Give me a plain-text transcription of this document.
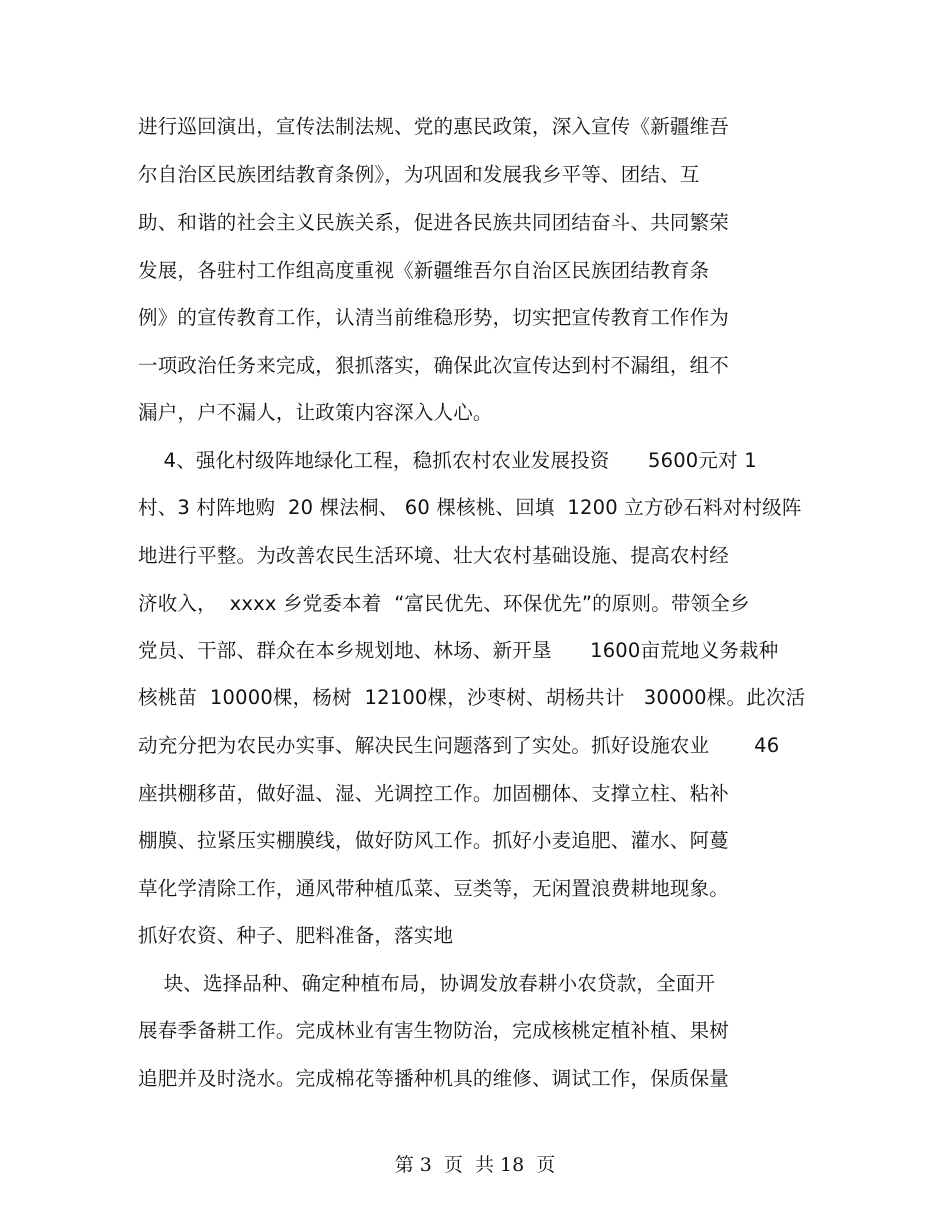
进行巡回演出，宣传法制法规、党的惠民政策，深入宣传《新疆维吾
尔自治区民族团结教育条例》，为巩固和发展我乡平等、团结、互
助、和谐的社会主义民族关系，促进各民族共同团结奋斗、共同繁荣
发展，各驻村工作组高度重视《新疆维吾尔自治区民族团结教育条
例》的宣传教育工作，认清当前维稳形势，切实把宣传教育工作作为
一项政治任务来完成，狠抓落实，确保此次宣传达到村不漏组，组不
漏户，户不漏人，让政策内容深入人心。
4、强化村级阵地绿化工程，稳抓农村农业发展投资      5600元对 1
村、3 村阵地购  20 棵法桐、 60 棵核桃、回填  1200 立方砂石料对村级阵
地进行平整。为改善农民生活环境、壮大农村基础设施、提高农村经
济收入，  xxxx 乡党委本着  “富民优先、环保优先”的原则。带领全乡
党员、干部、群众在本乡规划地、林场、新开垦      1600亩荒地义务栽种
核桃苗  10000棵，杨树  12100棵，沙枣树、胡杨共计   30000棵。此次活
动充分把为农民办实事、解决民生问题落到了实处。抓好设施农业       46
座拱棚移苗，做好温、湿、光调控工作。加固棚体、支撑立柱、粘补
棚膜、拉紧压实棚膜线，做好防风工作。抓好小麦追肥、灌水、阿蔓
草化学清除工作，通风带种植瓜菜、豆类等，无闲置浪费耕地现象。
抓好农资、种子、肥料准备，落实地
块、选择品种、确定种植布局，协调发放春耕小农贷款，全面开
展春季备耕工作。完成林业有害生物防治，完成核桃定植补植、果树
追肥并及时浇水。完成棉花等播种机具的维修、调试工作，保质保量
第 3  页  共 18  页
